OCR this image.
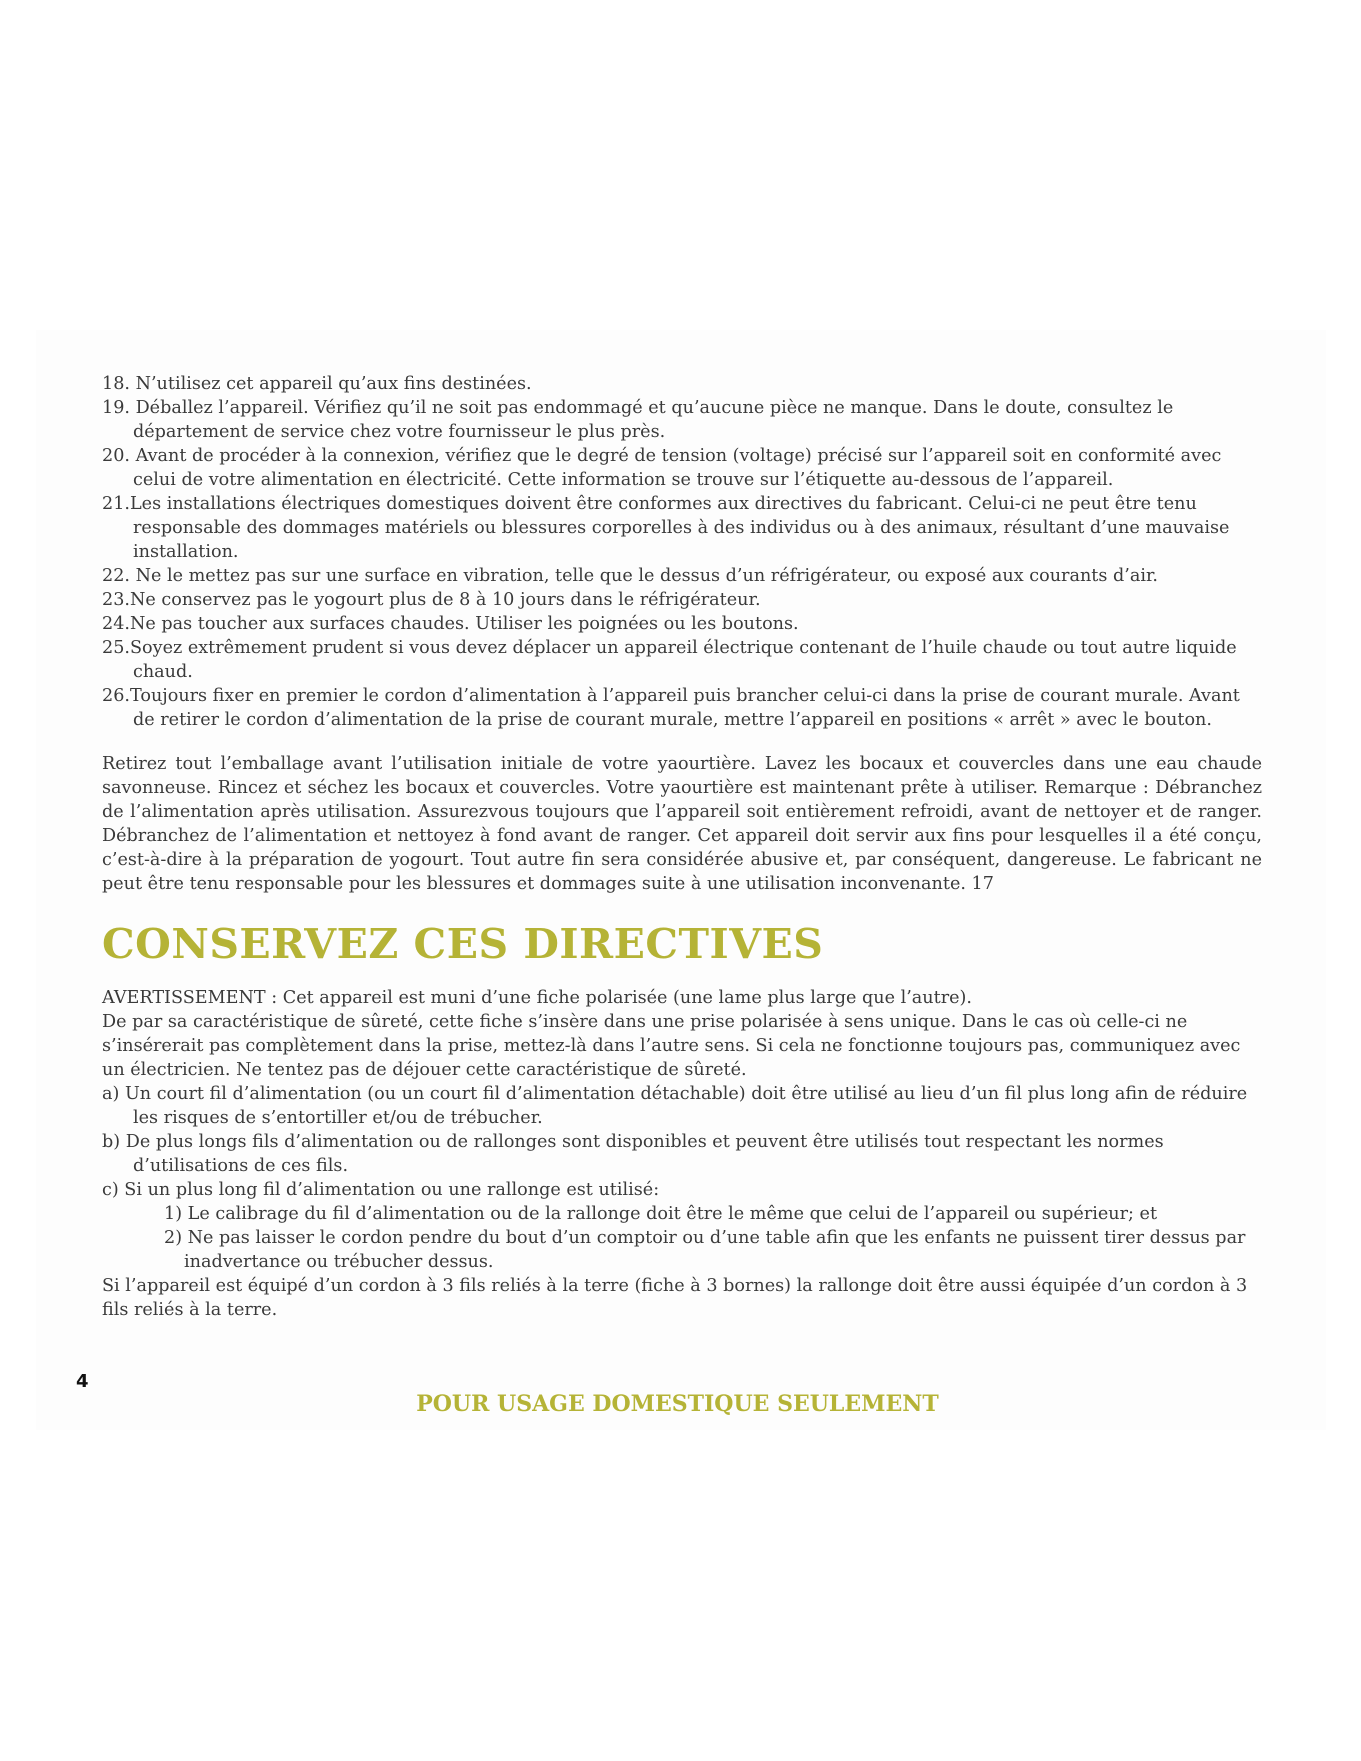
18. N’utilisez cet appareil qu’aux fins destinées.
19. Déballez l’appareil. Vérifiez qu’il ne soit pas endommagé et qu’aucune pièce ne manque. Dans le doute, consultez le département de service chez votre fournisseur le plus près.
20. Avant de procéder à la connexion, vérifiez que le degré de tension (voltage) précisé sur l’appareil soit en conformité avec celui de votre alimentation en électricité. Cette information se trouve sur l’étiquette au-dessous de l’appareil.
21.Les installations électriques domestiques doivent être conformes aux directives du fabricant. Celui-ci ne peut être tenu responsable des dommages matériels ou blessures corporelles à des individus ou à des animaux, résultant d’une mauvaise installation.
22. Ne le mettez pas sur une surface en vibration, telle que le dessus d’un réfrigérateur, ou exposé aux courants d’air.
23.Ne conservez pas le yogourt plus de 8 à 10 jours dans le réfrigérateur.
24.Ne pas toucher aux surfaces chaudes. Utiliser les poignées ou les boutons.
25.Soyez extrêmement prudent si vous devez déplacer un appareil électrique contenant de l’huile chaude ou tout autre liquide chaud.
26.Toujours fixer en premier le cordon d’alimentation à l’appareil puis brancher celui-ci dans la prise de courant murale. Avant de retirer le cordon d’alimentation de la prise de courant murale, mettre l’appareil en positions « arrêt » avec le bouton.

Retirez tout l’emballage avant l’utilisation initiale de votre yaourtière. Lavez les bocaux et couvercles dans une eau chaude savonneuse. Rincez et séchez les bocaux et couvercles. Votre yaourtière est maintenant prête à utiliser. Remarque : Débranchez de l’alimentation après utilisation. Assurezvous toujours que l’appareil soit entièrement refroidi, avant de nettoyer et de ranger. Débranchez de l’alimentation et nettoyez à fond avant de ranger. Cet appareil doit servir aux fins pour lesquelles il a été conçu, c’est-à-dire à la préparation de yogourt. Tout autre fin sera considérée abusive et, par conséquent, dangereuse. Le fabricant ne peut être tenu responsable pour les blessures et dommages suite à une utilisation inconvenante. 17

CONSERVEZ CES DIRECTIVES

AVERTISSEMENT : Cet appareil est muni d’une fiche polarisée (une lame plus large que l’autre).

De par sa caractéristique de sûreté, cette fiche s’insère dans une prise polarisée à sens unique. Dans le cas où celle-ci ne s’insérerait pas complètement dans la prise, mettez-là dans l’autre sens. Si cela ne fonctionne toujours pas, communiquez avec un électricien. Ne tentez pas de déjouer cette caractéristique de sûreté.

a) Un court fil d’alimentation (ou un court fil d’alimentation détachable) doit être utilisé au lieu d’un fil plus long afin de réduire les risques de s’entortiller et/ou de trébucher.
b) De plus longs fils d’alimentation ou de rallonges sont disponibles et peuvent être utilisés tout respectant les normes d’utilisations de ces fils.
c) Si un plus long fil d’alimentation ou une rallonge est utilisé:
1) Le calibrage du fil d’alimentation ou de la rallonge doit être le même que celui de l’appareil ou supérieur; et
2) Ne pas laisser le cordon pendre du bout d’un comptoir ou d’une table afin que les enfants ne puissent tirer dessus par inadvertance ou trébucher dessus.

Si l’appareil est équipé d’un cordon à 3 fils reliés à la terre (fiche à 3 bornes) la rallonge doit être aussi équipée d’un cordon à 3 fils reliés à la terre.

4
POUR USAGE DOMESTIQUE SEULEMENT
